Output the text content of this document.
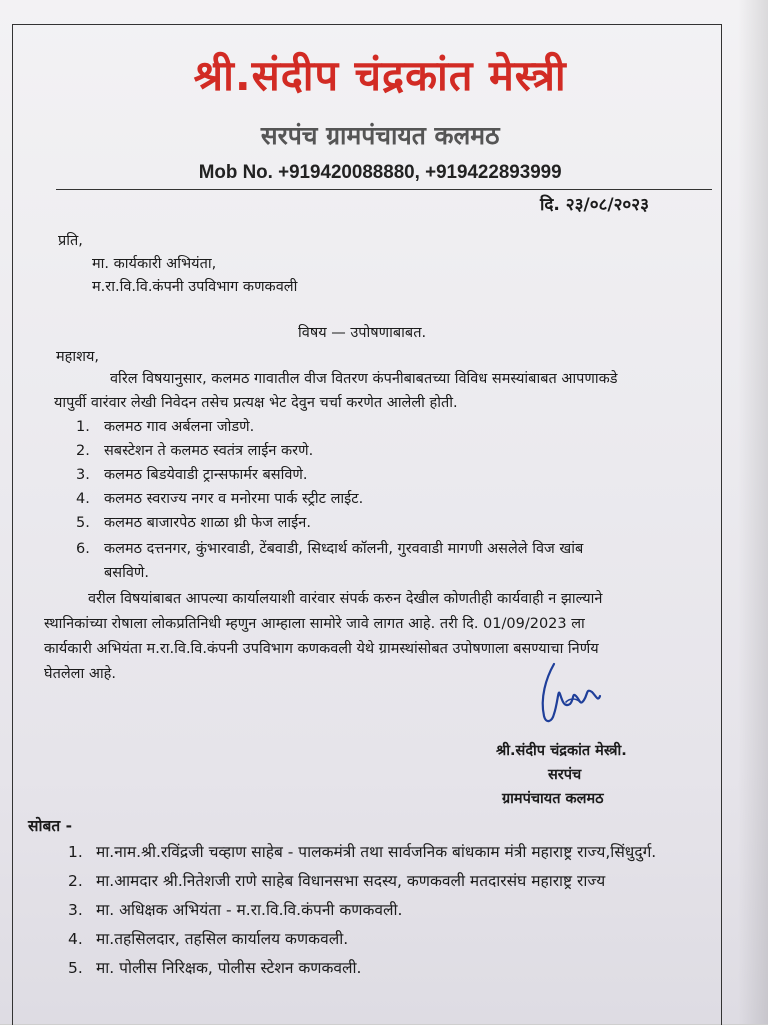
श्री.संदीप चंद्रकांत मेस्त्री
सरपंच ग्रामपंचायत कलमठ
Mob No. +919420088880, +919422893999
दि. २३/०८/२०२३
प्रति,
मा. कार्यकारी अभियंता,
म.रा.वि.वि.कंपनी उपविभाग कणकवली
विषय — उपोषणाबाबत.
महाशय,
वरिल विषयानुसार, कलमठ गावातील वीज वितरण कंपनीबाबतच्या विविध समस्यांबाबत आपणाकडे
यापुर्वी वारंवार लेखी निवेदन तसेच प्रत्यक्ष भेट देवुन चर्चा करणेत आलेली होती.
1. कलमठ गाव अर्बलना जोडणे.
2. सबस्टेशन ते कलमठ स्वतंत्र लाईन करणे.
3. कलमठ बिडयेवाडी ट्रान्सफार्मर बसविणे.
4. कलमठ स्वराज्य नगर व मनोरमा पार्क स्ट्रीट लाईट.
5. कलमठ बाजारपेठ शाळा थ्री फेज लाईन.
6. कलमठ दत्तनगर, कुंभारवाडी, टेंबवाडी, सिध्दार्थ कॉलनी, गुरववाडी मागणी असलेले विज खांब
बसविणे.
वरील विषयांबाबत आपल्या कार्यालयाशी वारंवार संपर्क करुन देखील कोणतीही कार्यवाही न झाल्याने
स्थानिकांच्या रोषाला लोकप्रतिनिधी म्हणुन आम्हाला सामोरे जावे लागत आहे. तरी दि. 01/09/2023 ला
कार्यकारी अभियंता म.रा.वि.वि.कंपनी उपविभाग कणकवली येथे ग्रामस्थांसोबत उपोषणाला बसण्याचा निर्णय
घेतलेला आहे.
श्री.संदीप चंद्रकांत मेस्त्री.
सरपंच
ग्रामपंचायत कलमठ
सोबत -
1. मा.नाम.श्री.रविंद्रजी चव्हाण साहेब - पालकमंत्री तथा सार्वजनिक बांधकाम मंत्री महाराष्ट्र राज्य,सिंधुदुर्ग.
2. मा.आमदार श्री.नितेशजी राणे साहेब विधानसभा सदस्य, कणकवली मतदारसंघ महाराष्ट्र राज्य
3. मा. अधिक्षक अभियंता - म.रा.वि.वि.कंपनी कणकवली.
4. मा.तहसिलदार, तहसिल कार्यालय कणकवली.
5. मा. पोलीस निरिक्षक, पोलीस स्टेशन कणकवली.
